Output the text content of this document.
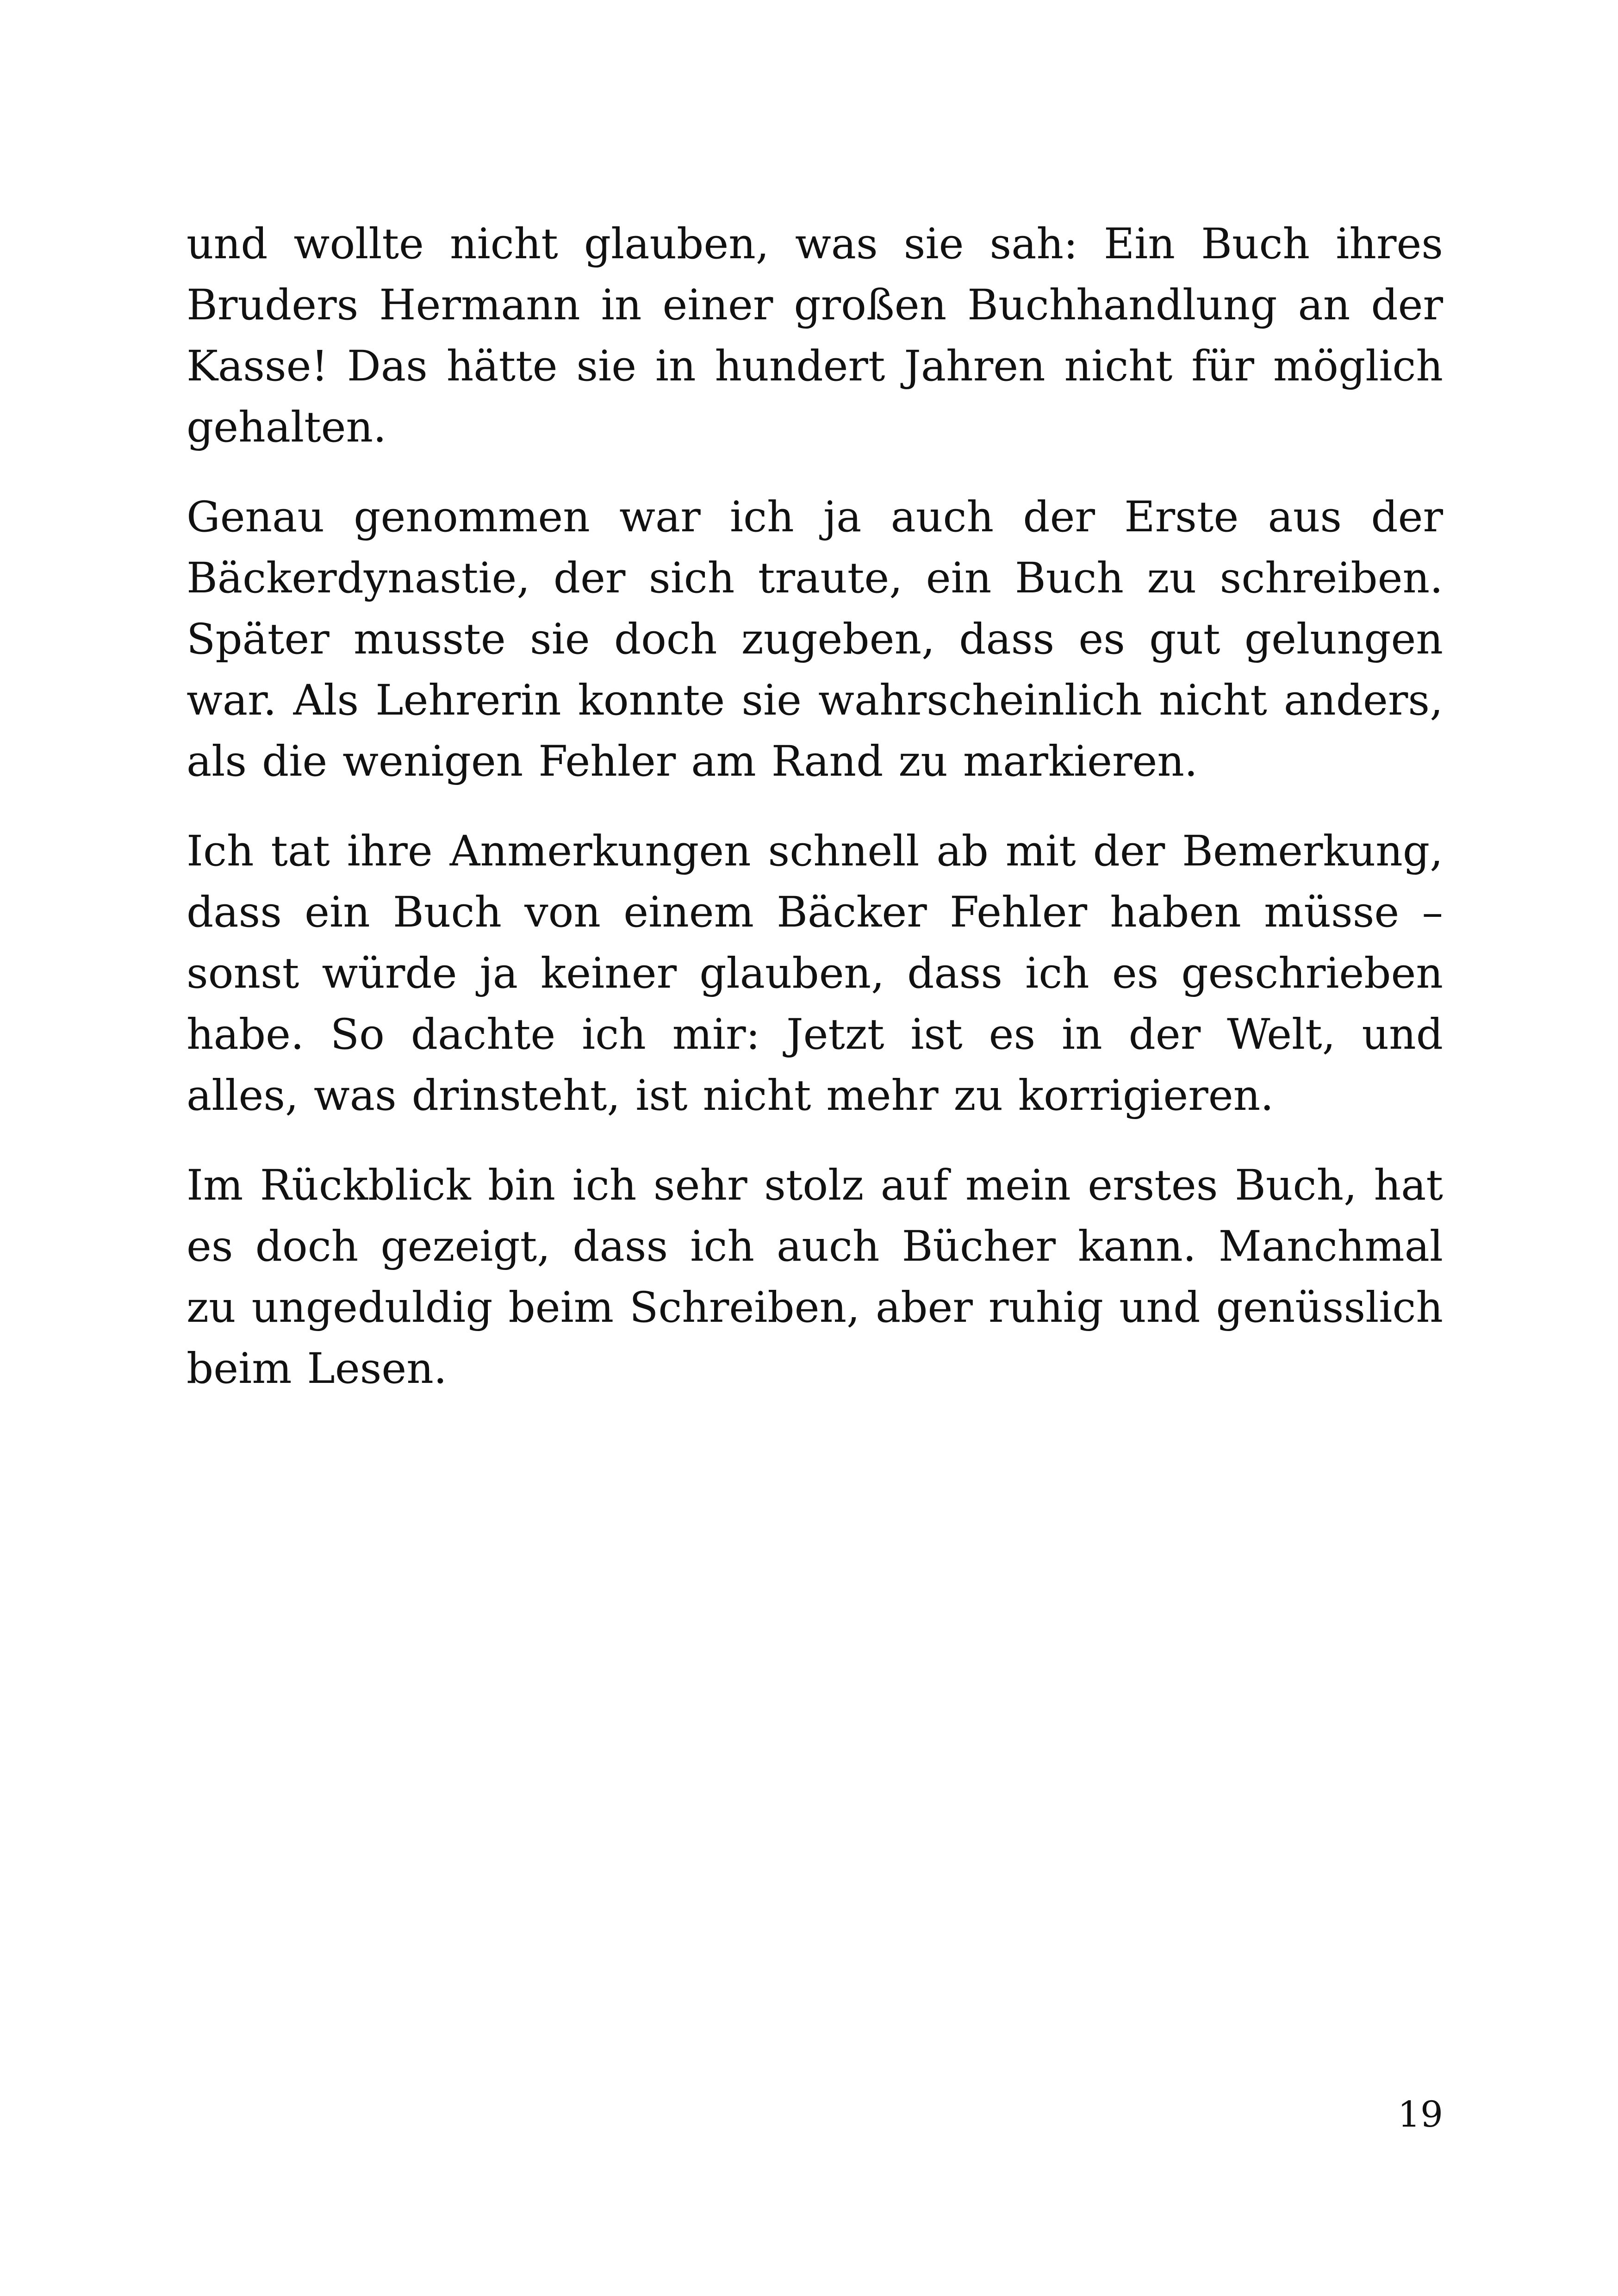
und wollte nicht glauben, was sie sah: Ein Buch ihres Bruders Hermann in einer großen Buchhandlung an der Kasse! Das hätte sie in hundert Jahren nicht für möglich gehalten.

Genau genommen war ich ja auch der Erste aus der Bäckerdynastie, der sich traute, ein Buch zu schreiben. Später musste sie doch zugeben, dass es gut gelungen war. Als Lehrerin konnte sie wahrscheinlich nicht anders, als die wenigen Fehler am Rand zu markieren.

Ich tat ihre Anmerkungen schnell ab mit der Bemerkung, dass ein Buch von einem Bäcker Fehler haben müsse – sonst würde ja keiner glauben, dass ich es geschrieben habe. So dachte ich mir: Jetzt ist es in der Welt, und alles, was drinsteht, ist nicht mehr zu korrigieren.

Im Rückblick bin ich sehr stolz auf mein erstes Buch, hat es doch gezeigt, dass ich auch Bücher kann. Manchmal zu ungeduldig beim Schreiben, aber ruhig und genüsslich beim Lesen.

19
